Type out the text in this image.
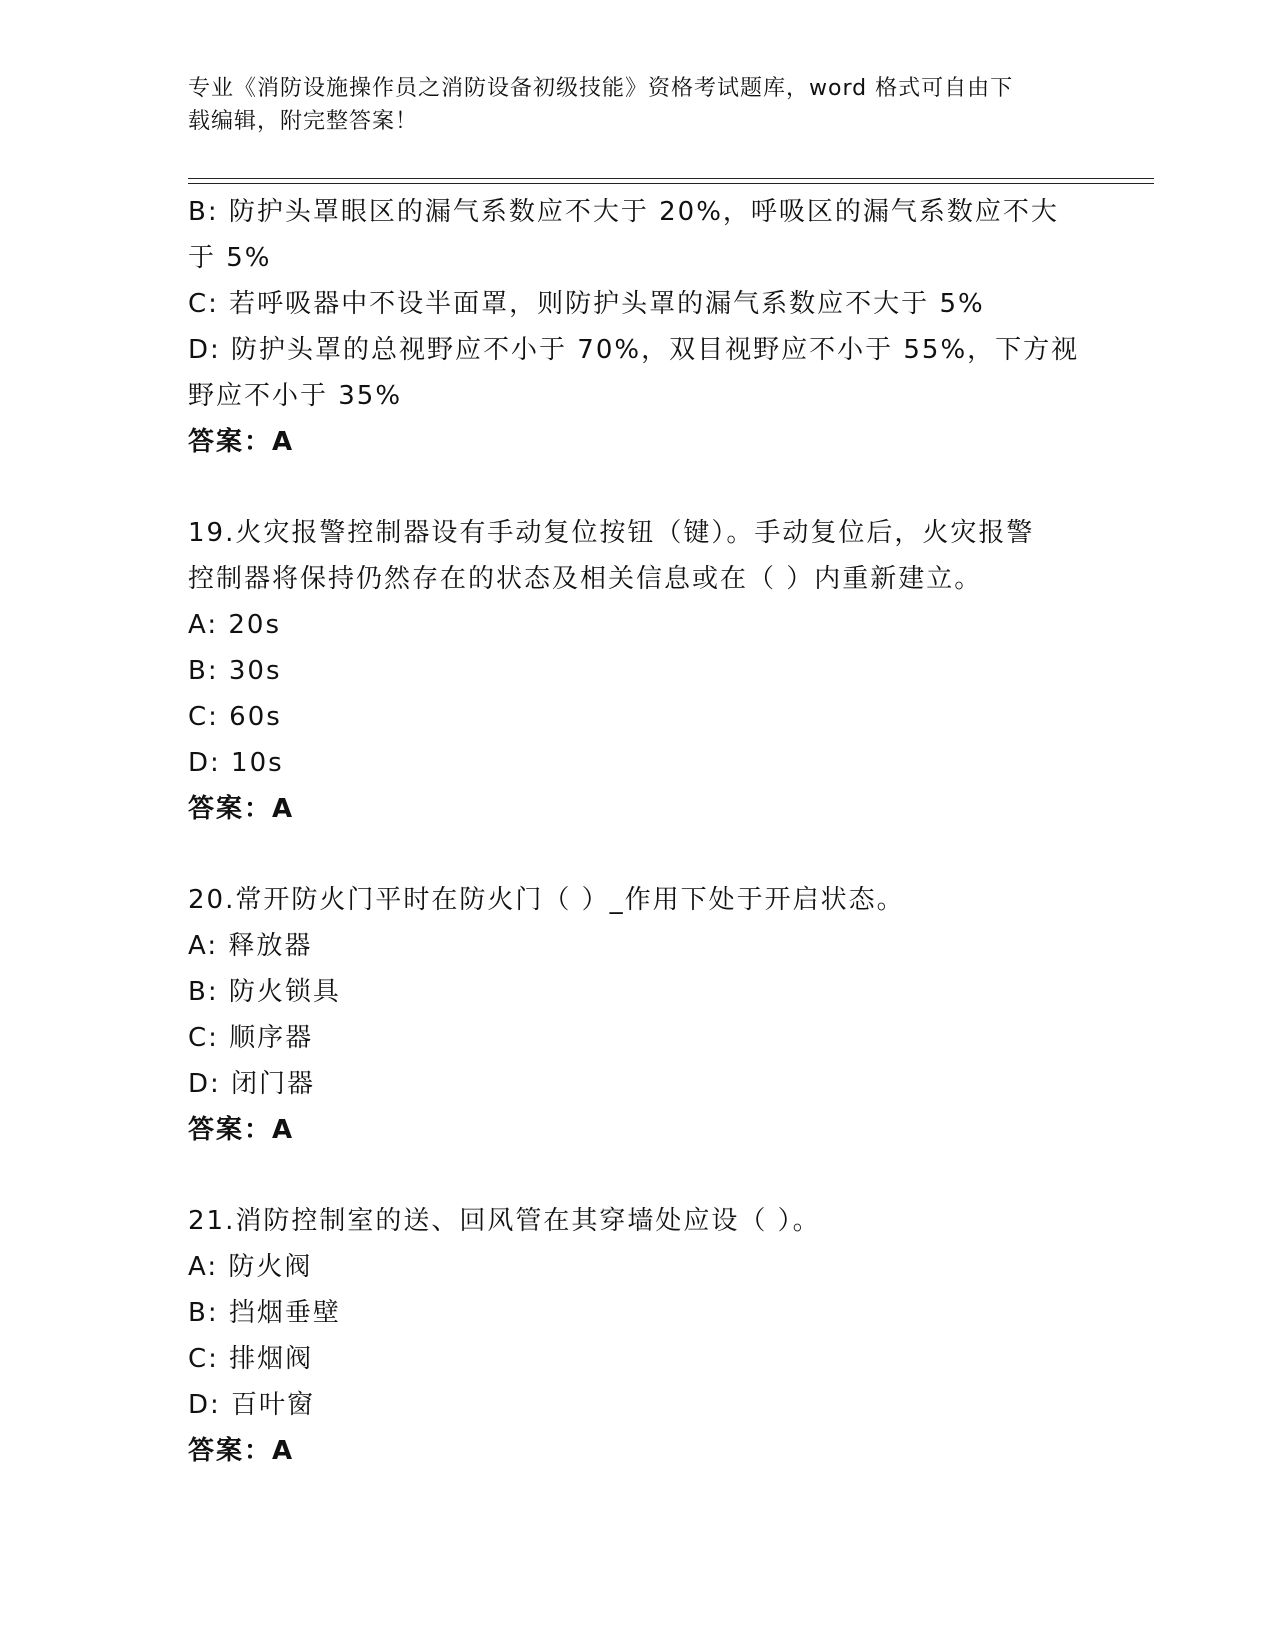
专业《消防设施操作员之消防设备初级技能》资格考试题库，word 格式可自由下
载编辑，附完整答案！
B: 防护头罩眼区的漏气系数应不大于 20%，呼吸区的漏气系数应不大
于 5%
C: 若呼吸器中不设半面罩，则防护头罩的漏气系数应不大于 5%
D: 防护头罩的总视野应不小于 70%，双目视野应不小于 55%，下方视
野应不小于 35%
答案：A
19.火灾报警控制器设有手动复位按钮（键）。手动复位后，火灾报警
控制器将保持仍然存在的状态及相关信息或在（ ）内重新建立。
A: 20s
B: 30s
C: 60s
D: 10s
答案：A
20.常开防火门平时在防火门（ ）_作用下处于开启状态。
A: 释放器
B: 防火锁具
C: 顺序器
D: 闭门器
答案：A
21.消防控制室的送、回风管在其穿墙处应设（ ）。
A: 防火阀
B: 挡烟垂壁
C: 排烟阀
D: 百叶窗
答案：A
